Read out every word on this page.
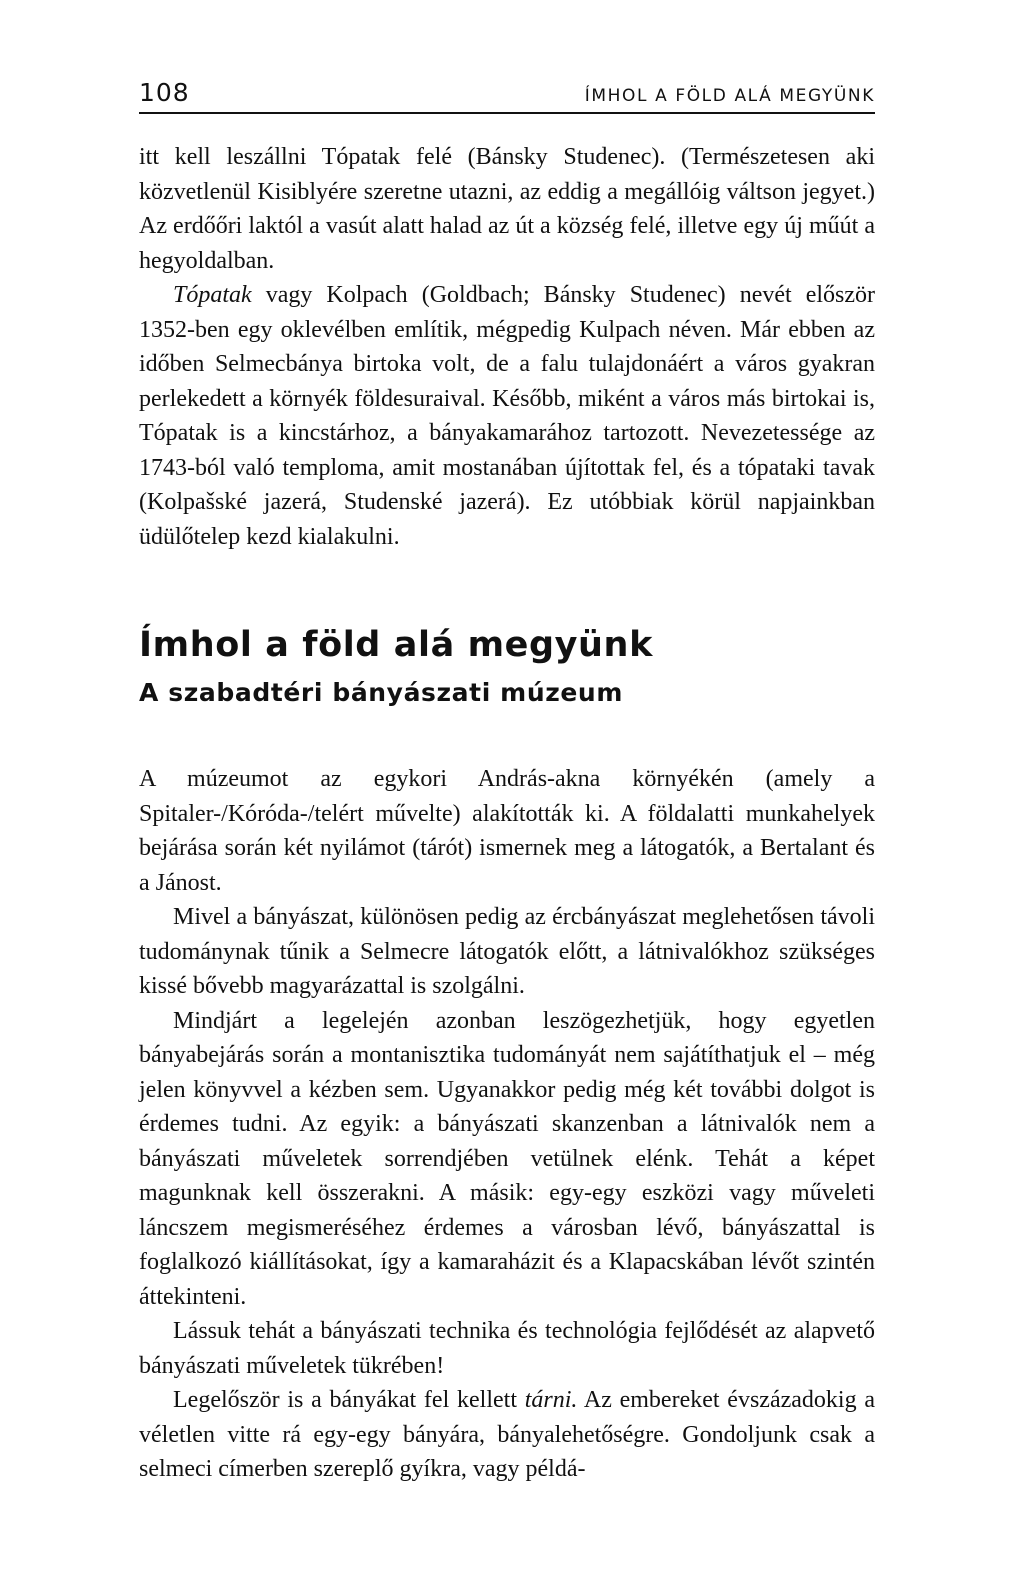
108	ÍMHOL A FÖLD ALÁ MEGYÜNK

itt kell leszállni Tópatak felé (Bánsky Studenec). (Természetesen aki közvetlenül Kisiblyére szeretne utazni, az eddig a megállóig váltson jegyet.) Az erdőőri laktól a vasút alatt halad az út a község felé, illetve egy új műút a hegyoldalban.

Tópatak vagy Kolpach (Goldbach; Bánsky Studenec) nevét először 1352-ben egy oklevélben említik, mégpedig Kulpach néven. Már ebben az időben Selmecbánya birtoka volt, de a falu tulajdonáért a város gyakran perlekedett a környék földesuraival. Később, miként a város más birtokai is, Tópatak is a kincstárhoz, a bányakamarához tartozott. Nevezetessége az 1743-ból való temploma, amit mostanában újítottak fel, és a tópataki tavak (Kolpašské jazerá, Studenské jazerá). Ez utóbbiak körül napjainkban üdülőtelep kezd kialakulni.

Ímhol a föld alá megyünk
A szabadtéri bányászati múzeum

A múzeumot az egykori András-akna környékén (amely a Spitaler-/Kóróda-/telért művelte) alakították ki. A földalatti munkahelyek bejárása során két nyilámot (tárót) ismernek meg a látogatók, a Bertalant és a Jánost.

Mivel a bányászat, különösen pedig az ércbányászat meglehetősen távoli tudománynak tűnik a Selmecre látogatók előtt, a látnivalókhoz szükséges kissé bővebb magyarázattal is szolgálni.

Mindjárt a legelején azonban leszögezhetjük, hogy egyetlen bányabejárás során a montanisztika tudományát nem sajátíthatjuk el – még jelen könyvvel a kézben sem. Ugyanakkor pedig még két további dolgot is érdemes tudni. Az egyik: a bányászati skanzenban a látnivalók nem a bányászati műveletek sorrendjében vetülnek elénk. Tehát a képet magunknak kell összerakni. A másik: egy-egy eszközi vagy műveleti láncszem megismeréséhez érdemes a városban lévő, bányászattal is foglalkozó kiállításokat, így a kamaraházit és a Klapacskában lévőt szintén áttekinteni.

Lássuk tehát a bányászati technika és technológia fejlődését az alapvető bányászati műveletek tükrében!

Legelőször is a bányákat fel kellett tárni. Az embereket évszázadokig a véletlen vitte rá egy-egy bányára, bányalehetőségre. Gondoljunk csak a selmeci címerben szereplő gyíkra, vagy példá-
